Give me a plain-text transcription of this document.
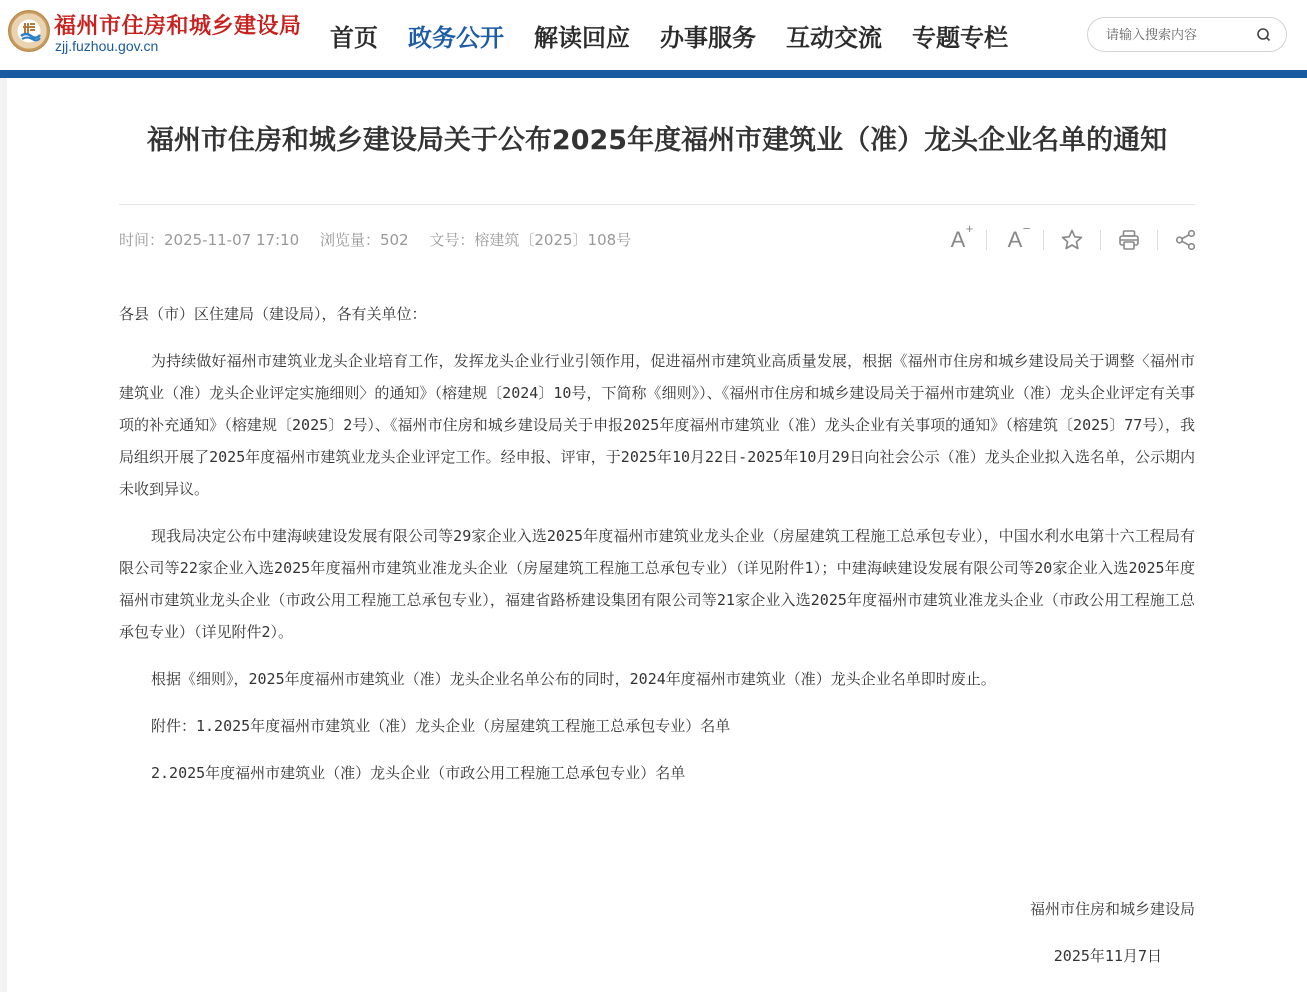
福州市住房和城乡建设局
zjj.fuzhou.gov.cn	首页 政务公开 解读回应 办事服务 互动交流 专题专栏
请输入搜索内容
福州市住房和城乡建设局关于公布2025年度福州市建筑业（准）龙头企业名单的通知
时间：2025-11-07 17:10 浏览量：502 文号：榕建筑〔2025〕108号	A + A −

各县（市）区住建局（建设局），各有关单位：

为持续做好福州市建筑业龙头企业培育工作，发挥龙头企业行业引领作用，促进福州市建筑业高质量发展，根据《福州市住房和城乡建设局关于调整〈福州市建筑业（准）龙头企业评定实施细则〉的通知》（榕建规〔2024〕10号，下简称《细则》）、《福州市住房和城乡建设局关于福州市建筑业（准）龙头企业评定有关事项的补充通知》（榕建规〔2025〕2号）、《福州市住房和城乡建设局关于申报2025年度福州市建筑业（准）龙头企业有关事项的通知》（榕建筑〔2025〕77号），我局组织开展了2025年度福州市建筑业龙头企业评定工作。经申报、评审，于2025年10月22日-2025年10月29日向社会公示（准）龙头企业拟入选名单，公示期内未收到异议。

现我局决定公布中建海峡建设发展有限公司等29家企业入选2025年度福州市建筑业龙头企业（房屋建筑工程施工总承包专业），中国水利水电第十六工程局有限公司等22家企业入选2025年度福州市建筑业准龙头企业（房屋建筑工程施工总承包专业）（详见附件1）；中建海峡建设发展有限公司等20家企业入选2025年度福州市建筑业龙头企业（市政公用工程施工总承包专业），福建省路桥建设集团有限公司等21家企业入选2025年度福州市建筑业准龙头企业（市政公用工程施工总承包专业）（详见附件2）。

根据《细则》，2025年度福州市建筑业（准）龙头企业名单公布的同时，2024年度福州市建筑业（准）龙头企业名单即时废止。

附件：1.2025年度福州市建筑业（准）龙头企业（房屋建筑工程施工总承包专业）名单

2.2025年度福州市建筑业（准）龙头企业（市政公用工程施工总承包专业）名单

福州市住房和城乡建设局
2025年11月7日
